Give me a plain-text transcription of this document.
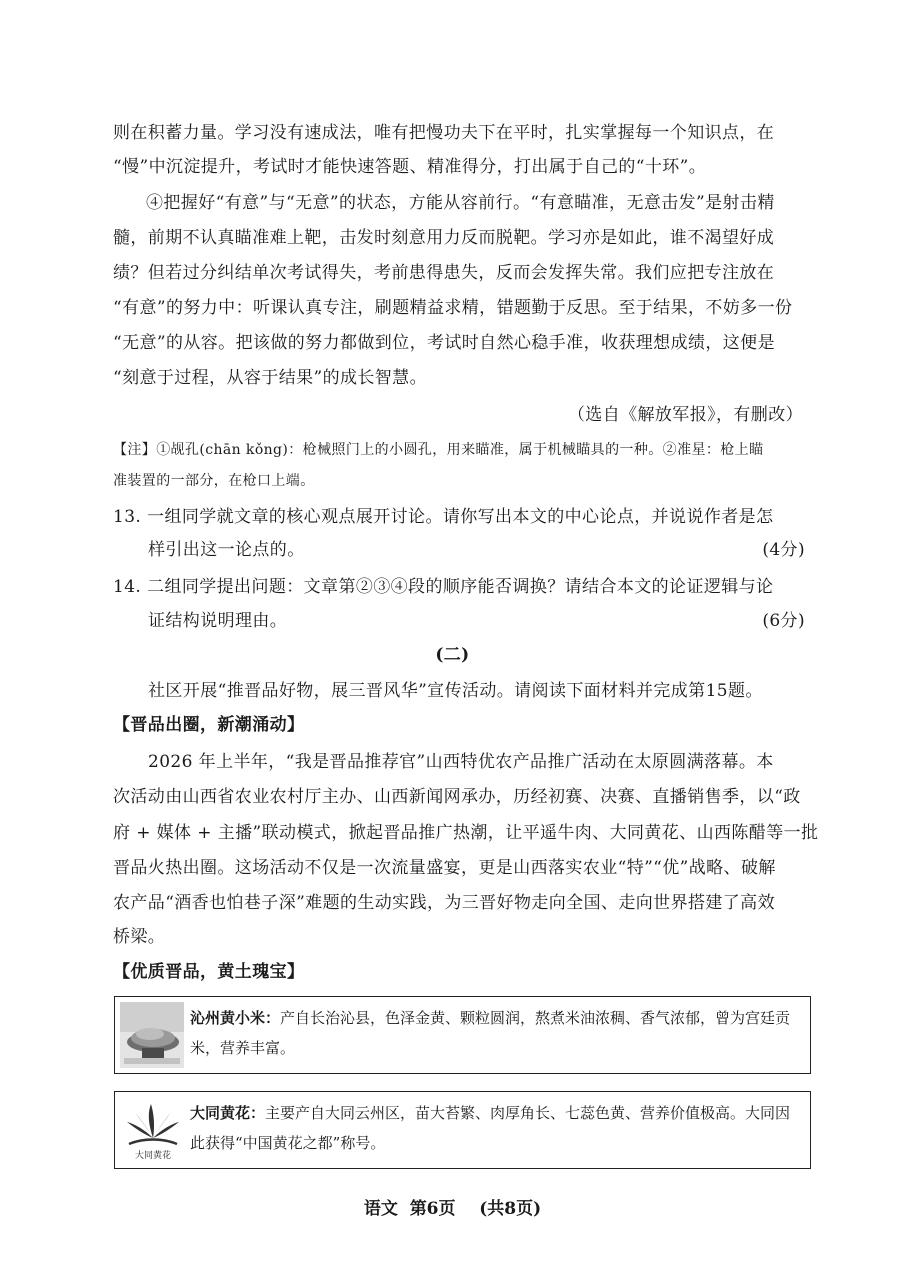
则在积蓄力量。学习没有速成法，唯有把慢功夫下在平时，扎实掌握每一个知识点，在
“慢”中沉淀提升，考试时才能快速答题、精准得分，打出属于自己的“十环”。
④把握好“有意”与“无意”的状态，方能从容前行。“有意瞄准，无意击发”是射击精
髓，前期不认真瞄准难上靶，击发时刻意用力反而脱靶。学习亦是如此，谁不渴望好成
绩？但若过分纠结单次考试得失，考前患得患失，反而会发挥失常。我们应把专注放在
“有意”的努力中：听课认真专注，刷题精益求精，错题勤于反思。至于结果，不妨多一份
“无意”的从容。把该做的努力都做到位，考试时自然心稳手准，收获理想成绩，这便是
“刻意于过程，从容于结果”的成长智慧。
（选自《解放军报》，有删改）
【注】①觇孔(chān kǒng)：枪械照门上的小圆孔，用来瞄准，属于机械瞄具的一种。②准星：枪上瞄
准装置的一部分，在枪口上端。
13. 一组同学就文章的核心观点展开讨论。请你写出本文的中心论点，并说说作者是怎
样引出这一论点的。	(4分)
14. 二组同学提出问题：文章第②③④段的顺序能否调换？请结合本文的论证逻辑与论
证结构说明理由。	(6分)
(二)
社区开展“推晋品好物，展三晋风华”宣传活动。请阅读下面材料并完成第15题。
【晋品出圈，新潮涌动】
2026 年上半年，“我是晋品推荐官”山西特优农产品推广活动在太原圆满落幕。本
次活动由山西省农业农村厅主办、山西新闻网承办，历经初赛、决赛、直播销售季，以“政
府 + 媒体 + 主播”联动模式，掀起晋品推广热潮，让平遥牛肉、大同黄花、山西陈醋等一批
晋品火热出圈。这场活动不仅是一次流量盛宴，更是山西落实农业“特”“优”战略、破解
农产品“酒香也怕巷子深”难题的生动实践，为三晋好物走向全国、走向世界搭建了高效
桥梁。
【优质晋品，黄土瑰宝】
沁州黄小米：产自长治沁县，色泽金黄、颗粒圆润，熬煮米油浓稠、香气浓郁，曾为宫廷贡
米，营养丰富。
大同黄花
大同黄花：主要产自大同云州区，苗大苔繁、肉厚角长、七蕊色黄、营养价值极高。大同因
此获得“中国黄花之都”称号。
语文 第6页 (共8页)
